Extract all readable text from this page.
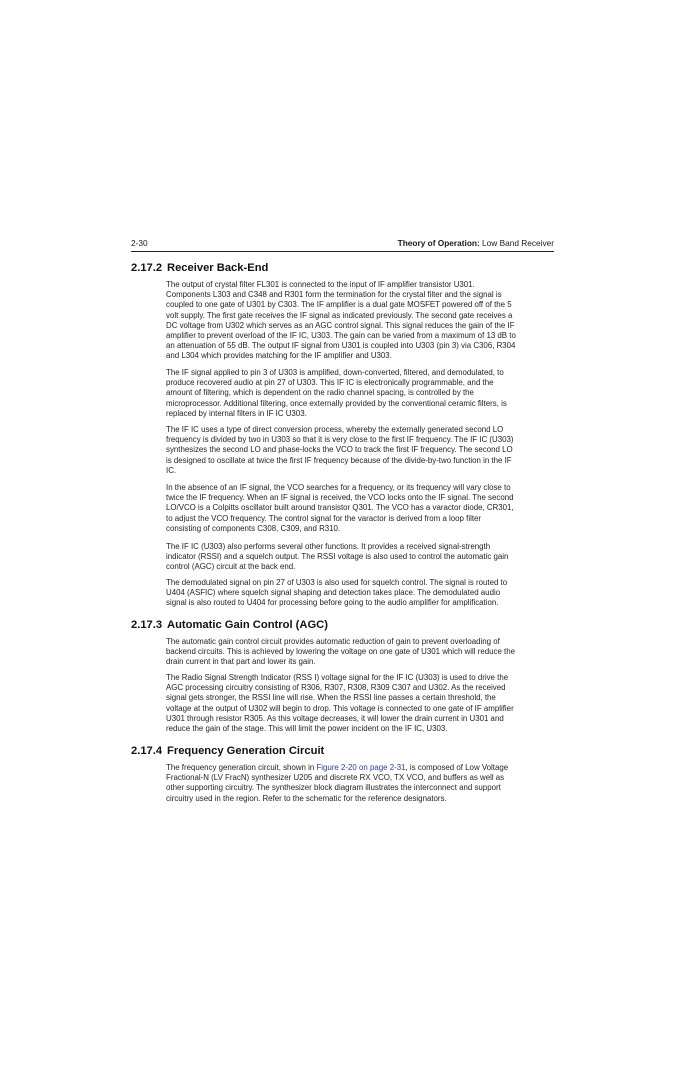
2-30	Theory of Operation: Low Band Receiver
2.17.2 Receiver Back-End
The output of crystal filter FL301 is connected to the input of IF amplifier transistor U301.
Components L303 and C348 and R301 form the termination for the crystal filter and the signal is
coupled to one gate of U301 by C303. The IF amplifier is a dual gate MOSFET powered off of the 5
volt supply. The first gate receives the IF signal as indicated previously. The second gate receives a
DC voltage from U302 which serves as an AGC control signal. This signal reduces the gain of the IF
amplifier to prevent overload of the IF IC, U303. The gain can be varied from a maximum of 13 dB to
an attenuation of 55 dB. The output IF signal from U301 is coupled into U303 (pin 3) via C306, R304
and L304 which provides matching for the IF amplifier and U303.
The IF signal applied to pin 3 of U303 is amplified, down-converted, filtered, and demodulated, to
produce recovered audio at pin 27 of U303. This IF IC is electronically programmable, and the
amount of filtering, which is dependent on the radio channel spacing, is controlled by the
microprocessor. Additional filtering, once externally provided by the conventional ceramic filters, is
replaced by internal filters in IF IC U303.
The IF IC uses a type of direct conversion process, whereby the externally generated second LO
frequency is divided by two in U303 so that it is very close to the first IF frequency. The IF IC (U303)
synthesizes the second LO and phase-locks the VCO to track the first IF frequency. The second LO
is designed to oscillate at twice the first IF frequency because of the divide-by-two function in the IF
IC.
In the absence of an IF signal, the VCO searches for a frequency, or its frequency will vary close to
twice the IF frequency. When an IF signal is received, the VCO locks onto the IF signal. The second
LO/VCO is a Colpitts oscillator built around transistor Q301. The VCO has a varactor diode, CR301,
to adjust the VCO frequency. The control signal for the varactor is derived from a loop filter
consisting of components C308, C309, and R310.
The IF IC (U303) also performs several other functions. It provides a received signal-strength
indicator (RSSI) and a squelch output. The RSSI voltage is also used to control the automatic gain
control (AGC) circuit at the back end.
The demodulated signal on pin 27 of U303 is also used for squelch control. The signal is routed to
U404 (ASFIC) where squelch signal shaping and detection takes place. The demodulated audio
signal is also routed to U404 for processing before going to the audio amplifier for amplification.
2.17.3 Automatic Gain Control (AGC)
The automatic gain control circuit provides automatic reduction of gain to prevent overloading of
backend circuits. This is achieved by lowering the voltage on one gate of U301 which will reduce the
drain current in that part and lower its gain.
The Radio Signal Strength Indicator (RSS I) voltage signal for the IF IC (U303) is used to drive the
AGC processing circuitry consisting of R306, R307, R308, R309 C307 and U302. As the received
signal gets stronger, the RSSI line will rise. When the RSSI line passes a certain threshold, the
voltage at the output of U302 will begin to drop. This voltage is connected to one gate of IF amplifier
U301 through resistor R305. As this voltage decreases, it will lower the drain current in U301 and
reduce the gain of the stage. This will limit the power incident on the IF IC, U303.
2.17.4 Frequency Generation Circuit
The frequency generation circuit, shown in Figure 2-20 on page 2-31, is composed of Low Voltage
Fractional-N (LV FracN) synthesizer U205 and discrete RX VCO, TX VCO, and buffers as well as
other supporting circuitry. The synthesizer block diagram illustrates the interconnect and support
circuitry used in the region. Refer to the schematic for the reference designators.
